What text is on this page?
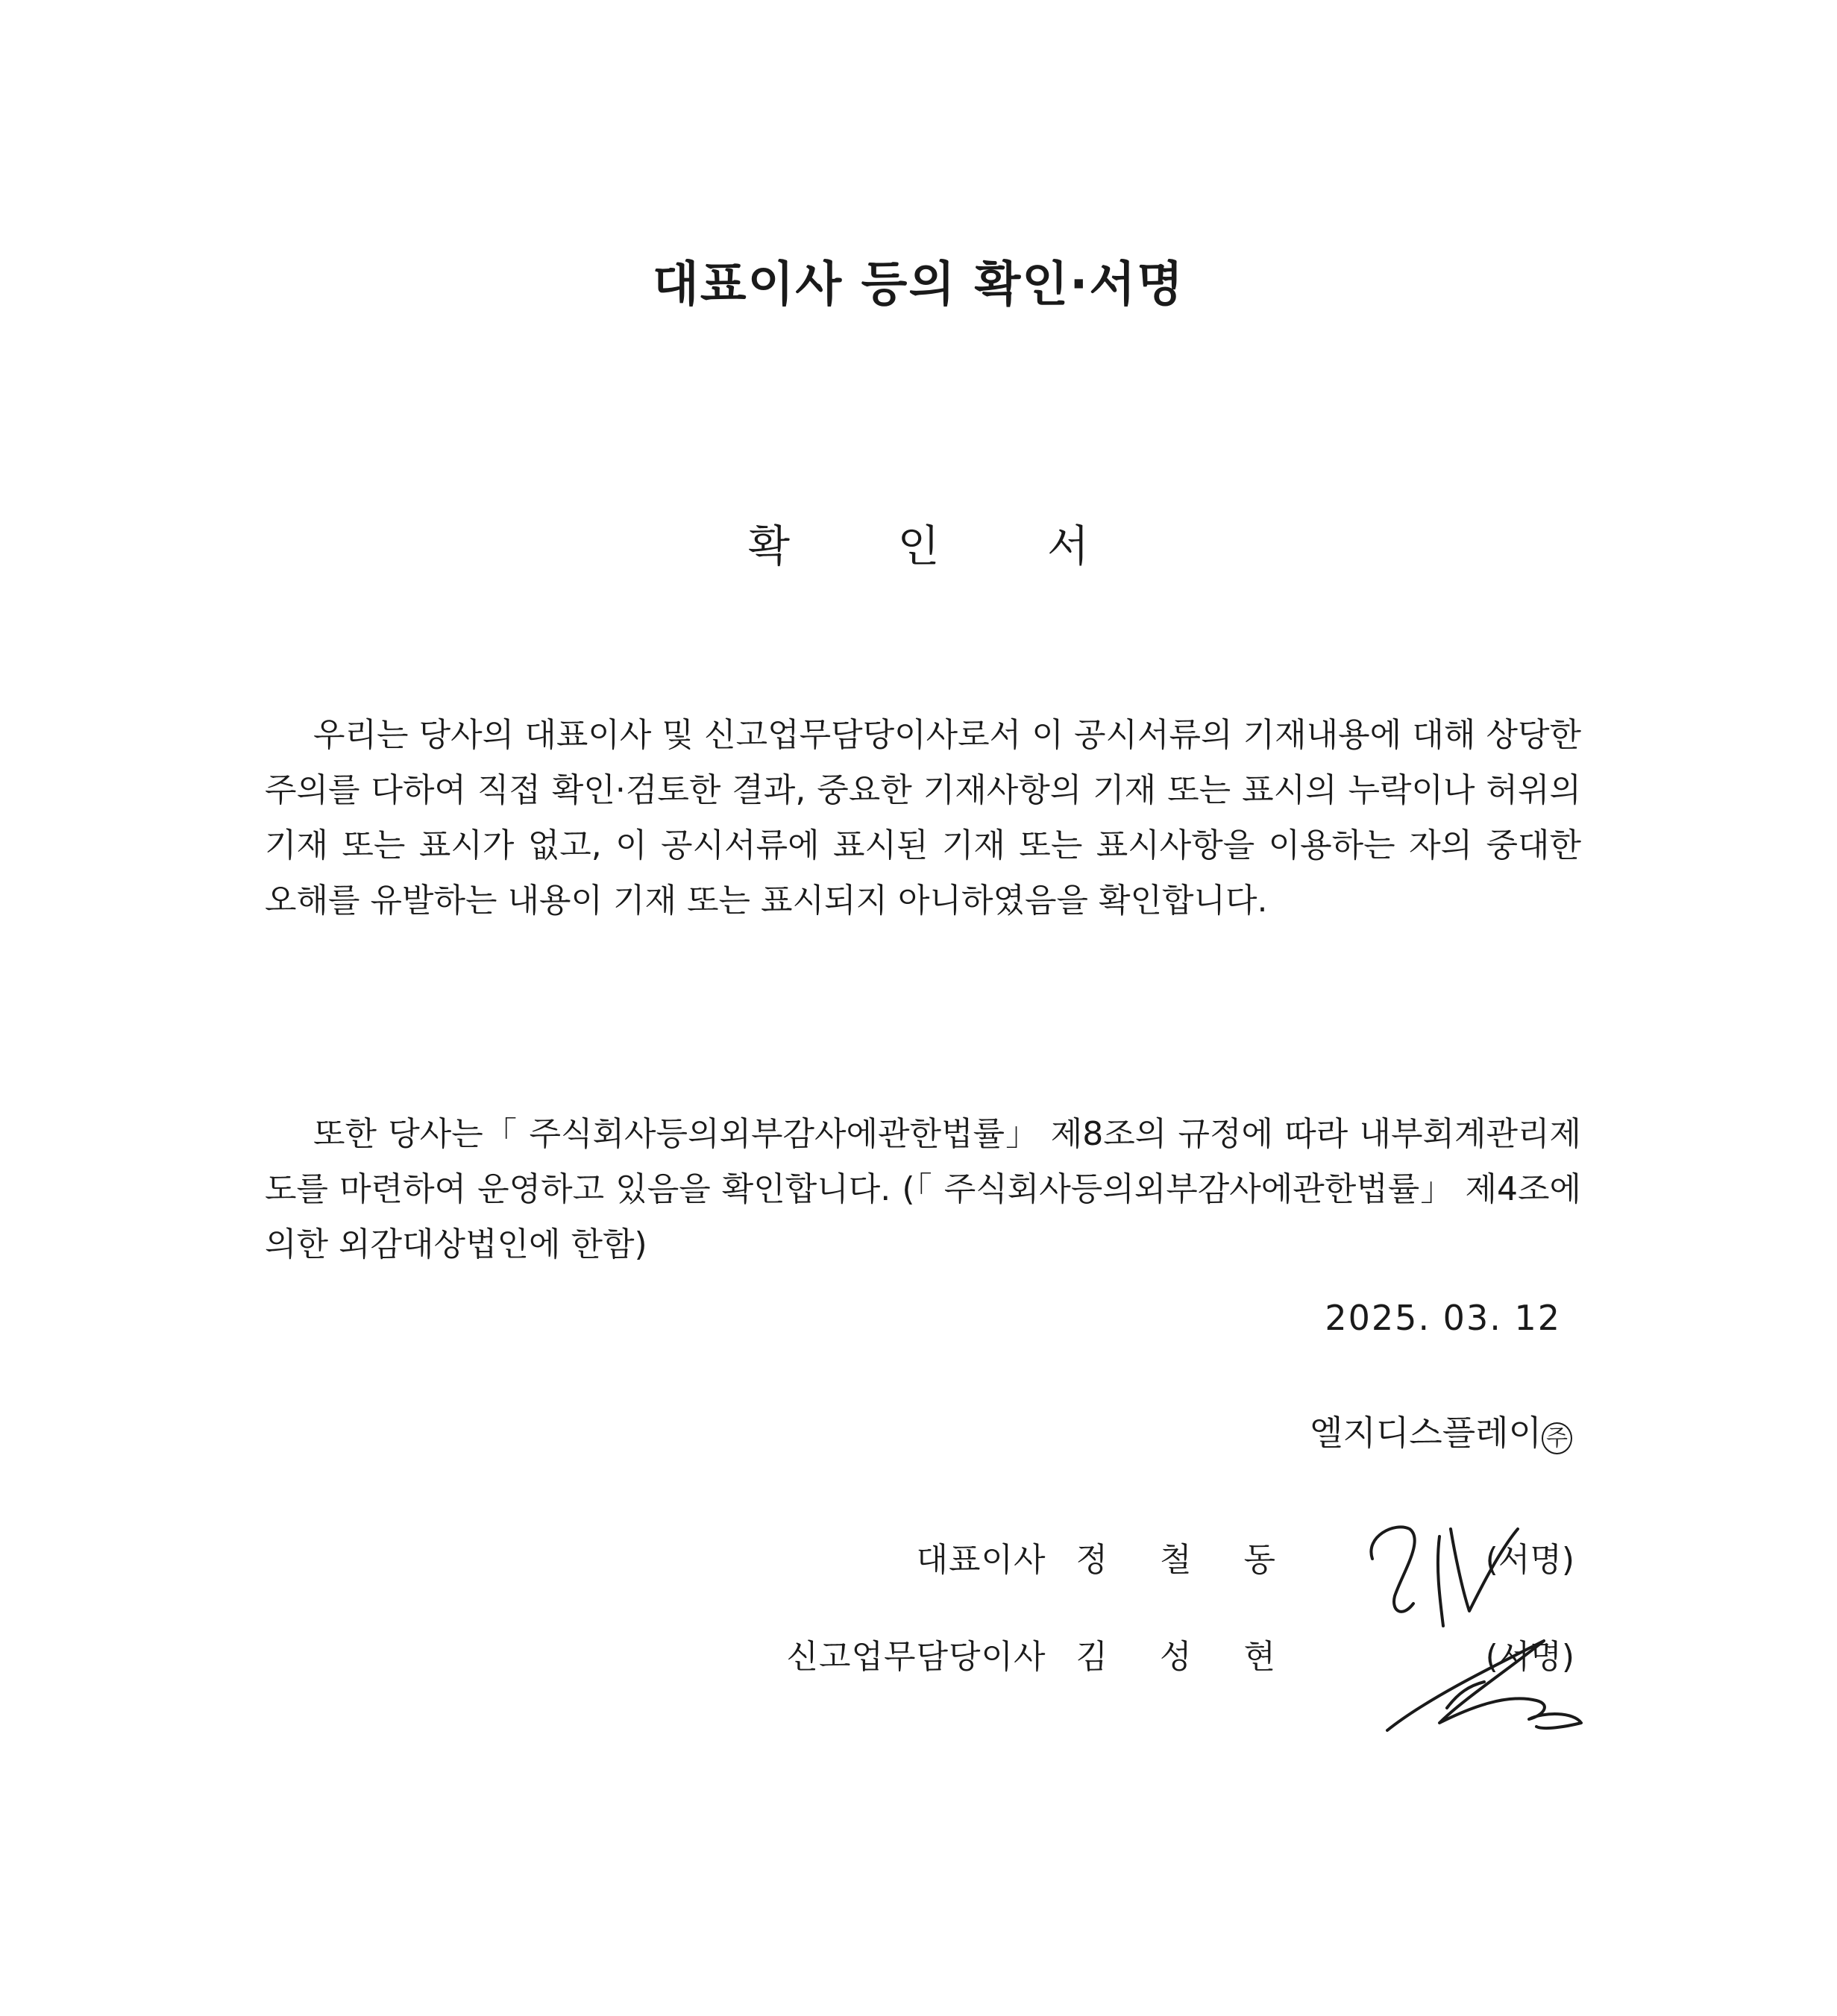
대표이사 등의 확인·서명
확 인 서

우리는 당사의 대표이사 및 신고업무담당이사로서 이 공시서류의 기재내용에 대해 상당한 주의를 다하여 직접 확인·검토한 결과, 중요한 기재사항의 기재 또는 표시의 누락이나 허위의 기재 또는 표시가 없고, 이 공시서류에 표시된 기재 또는 표시사항을 이용하는 자의 중대한 오해를 유발하는 내용이 기재 또는 표시되지 아니하였음을 확인합니다.

또한 당사는「 주식회사등의외부감사에관한법률」 제8조의 규정에 따라 내부회계관리제도를 마련하여 운영하고 있음을 확인합니다. (「 주식회사등의외부감사에관한법률」 제4조에 의한 외감대상법인에 한함)

2025. 03. 12
엘지디스플레이 주
대표이사 정 철 동	(서명)
신고업무담당이사 김 성 현	(서명)
